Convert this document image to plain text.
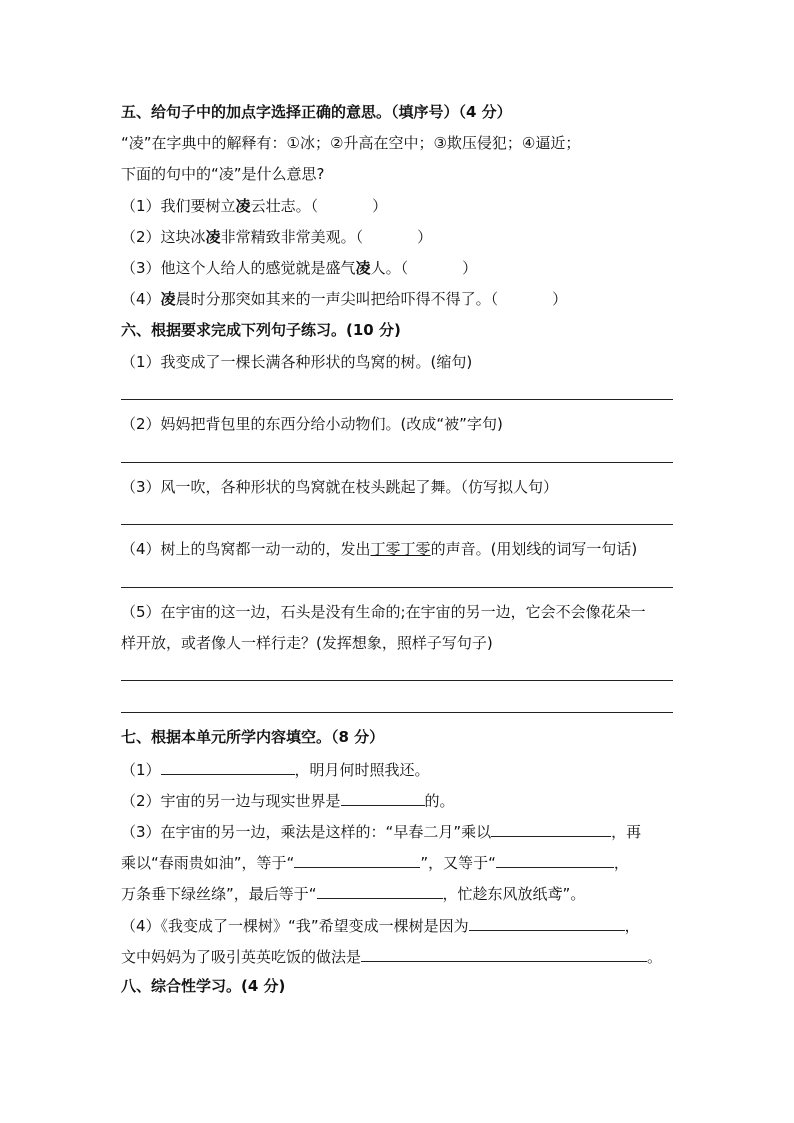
五、给句子中的加点字选择正确的意思。（填序号）（4 分）
“凌”在字典中的解释有：①冰；②升高在空中；③欺压侵犯；④逼近；
下面的句中的“凌”是什么意思?
（1）我们要树立凌云壮志。（	）
（2）这块冰凌非常精致非常美观。（	）
（3）他这个人给人的感觉就是盛气凌人。（	）
（4）凌晨时分那突如其来的一声尖叫把给吓得不得了。（	）
六、根据要求完成下列句子练习。(10 分)
（1）我变成了一棵长满各种形状的鸟窝的树。(缩句)
（2）妈妈把背包里的东西分给小动物们。(改成“被”字句)
（3）风一吹，各种形状的鸟窝就在枝头跳起了舞。（仿写拟人句）
（4）树上的鸟窝都一动一动的，发出丁零丁零的声音。(用划线的词写一句话)
（5）在宇宙的这一边，石头是没有生命的;在宇宙的另一边，它会不会像花朵一
样开放，或者像人一样行走？(发挥想象，照样子写句子)
七、根据本单元所学内容填空。（8 分）
（1）	，明月何时照我还。
（2）宇宙的另一边与现实世界是	的。
（3）在宇宙的另一边，乘法是这样的：“早春二月”乘以	，再
乘以“春雨贵如油”，等于“	”，又等于“	，
万条垂下绿丝绦”，最后等于“	，忙趁东风放纸鸢”。
（4）《我变成了一棵树》“我”希望变成一棵树是因为	，
文中妈妈为了吸引英英吃饭的做法是	。
八、综合性学习。(4 分)
